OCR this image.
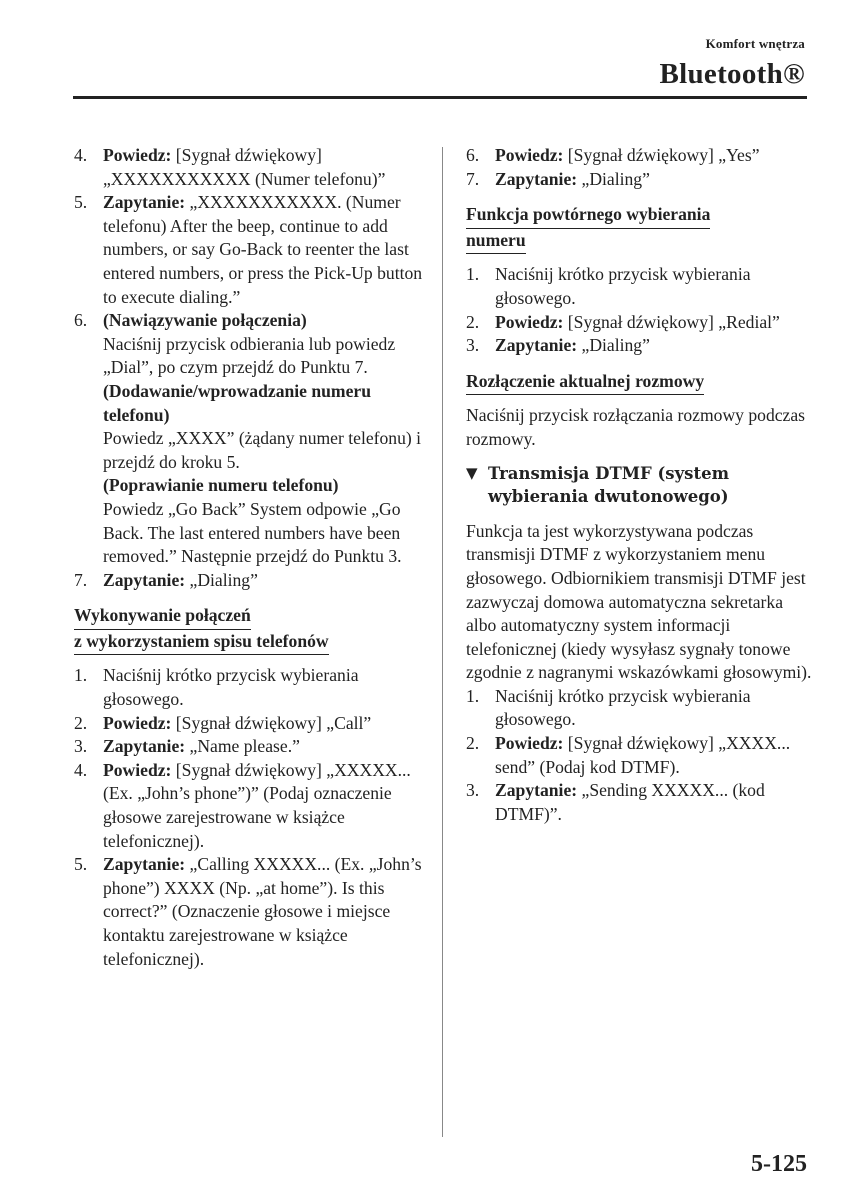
Komfort wnętrza
Bluetooth®
4. Powiedz: [Sygnał dźwiękowy] „XXXXXXXXXXX (Numer telefonu)”
5. Zapytanie: „XXXXXXXXXXX. (Numer telefonu) After the beep, continue to add numbers, or say Go-Back to reenter the last entered numbers, or press the Pick-Up button to execute dialing.”
6. (Nawiązywanie połączenia)
Naciśnij przycisk odbierania lub powiedz „Dial”, po czym przejdź do Punktu 7.
(Dodawanie/wprowadzanie numeru telefonu)
Powiedz „XXXX” (żądany numer telefonu) i przejdź do kroku 5.
(Poprawianie numeru telefonu)
Powiedz „Go Back” System odpowie „Go Back. The last entered numbers have been removed.” Następnie przejdź do Punktu 3.
7. Zapytanie: „Dialing”
Wykonywanie połączeń
z wykorzystaniem spisu telefonów
1. Naciśnij krótko przycisk wybierania głosowego.
2. Powiedz: [Sygnał dźwiękowy] „Call”
3. Zapytanie: „Name please.”
4. Powiedz: [Sygnał dźwiękowy] „XXXXX... (Ex. „John’s phone”)” (Podaj oznaczenie głosowe zarejestrowane w książce telefonicznej).
5. Zapytanie: „Calling XXXXX... (Ex. „John’s phone”) XXXX (Np. „at home”). Is this correct?” (Oznaczenie głosowe i miejsce kontaktu zarejestrowane w książce telefonicznej).
6. Powiedz: [Sygnał dźwiękowy] „Yes”
7. Zapytanie: „Dialing”
Funkcja powtórnego wybierania
numeru
1. Naciśnij krótko przycisk wybierania głosowego.
2. Powiedz: [Sygnał dźwiękowy] „Redial”
3. Zapytanie: „Dialing”
Rozłączenie aktualnej rozmowy
Naciśnij przycisk rozłączania rozmowy podczas rozmowy.
▼ Transmisja DTMF (system wybierania dwutonowego)
Funkcja ta jest wykorzystywana podczas transmisji DTMF z wykorzystaniem menu głosowego. Odbiornikiem transmisji DTMF jest zazwyczaj domowa automatyczna sekretarka albo automatyczny system informacji telefonicznej (kiedy wysyłasz sygnały tonowe zgodnie z nagranymi wskazówkami głosowymi).
1. Naciśnij krótko przycisk wybierania głosowego.
2. Powiedz: [Sygnał dźwiękowy] „XXXX... send” (Podaj kod DTMF).
3. Zapytanie: „Sending XXXXX... (kod DTMF)”.
5-125
